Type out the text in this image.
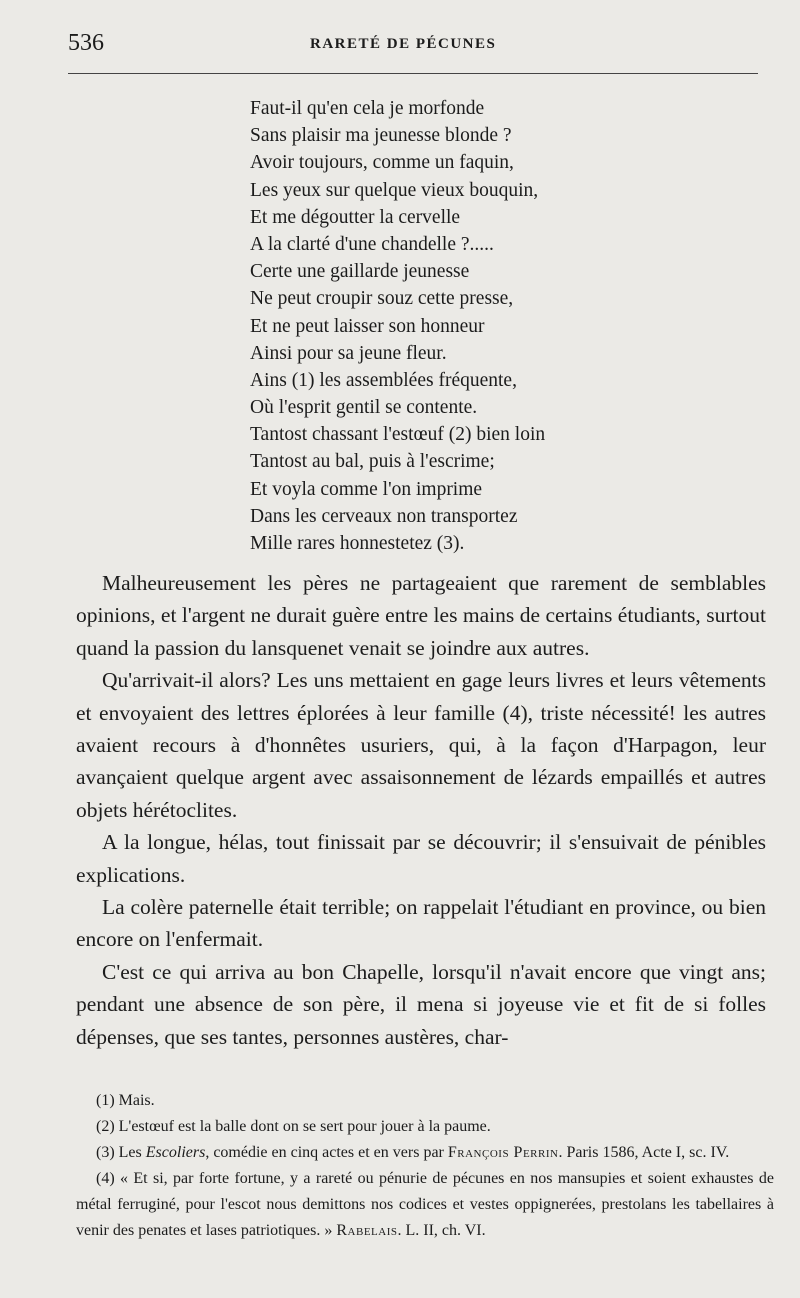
536	RARETÉ DE PÉCUNES
Faut-il qu'en cela je morfonde
Sans plaisir ma jeunesse blonde ?
Avoir toujours, comme un faquin,
Les yeux sur quelque vieux bouquin,
Et me dégoutter la cervelle
A la clarté d'une chandelle ?.....
Certe une gaillarde jeunesse
Ne peut croupir souz cette presse,
Et ne peut laisser son honneur
Ainsi pour sa jeune fleur.
Ains (1) les assemblées fréquente,
Où l'esprit gentil se contente.
Tantost chassant l'estœuf (2) bien loin
Tantost au bal, puis à l'escrime;
Et voyla comme l'on imprime
Dans les cerveaux non transportez
Mille rares honnestetez (3).

Malheureusement les pères ne partageaient que rarement de semblables opinions, et l'argent ne durait guère entre les mains de certains étudiants, surtout quand la passion du lansquenet venait se joindre aux autres.

Qu'arrivait-il alors? Les uns mettaient en gage leurs livres et leurs vêtements et envoyaient des lettres éplorées à leur famille (4), triste nécessité! les autres avaient recours à d'honnêtes usuriers, qui, à la façon d'Harpagon, leur avançaient quelque argent avec assaisonnement de lézards empaillés et autres objets hérétoclites.

A la longue, hélas, tout finissait par se découvrir; il s'ensuivait de pénibles explications.

La colère paternelle était terrible; on rappelait l'étudiant en province, ou bien encore on l'enfermait.

C'est ce qui arriva au bon Chapelle, lorsqu'il n'avait encore que vingt ans; pendant une absence de son père, il mena si joyeuse vie et fit de si folles dépenses, que ses tantes, personnes austères, char-

(1) Mais.

(2) L'estœuf est la balle dont on se sert pour jouer à la paume.

(3) Les Escoliers, comédie en cinq actes et en vers par François Perrin. Paris 1586, Acte I, sc. IV.

(4) « Et si, par forte fortune, y a rareté ou pénurie de pécunes en nos mansupies et soient exhaustes de métal ferruginé, pour l'escot nous demittons nos codices et vestes oppignerées, prestolans les tabellaires à venir des penates et lases patriotiques. » Rabelais. L. II, ch. VI.
